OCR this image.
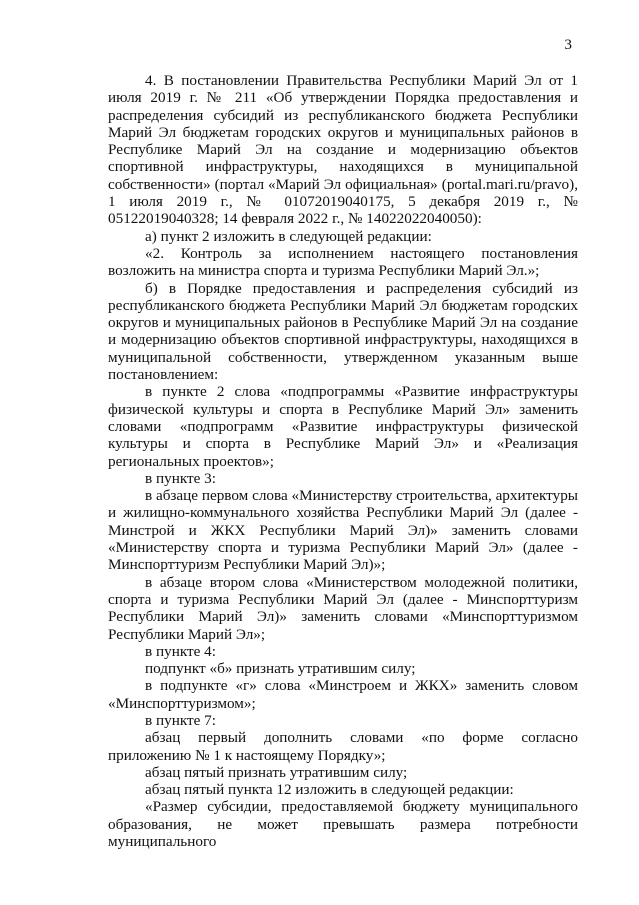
3

4. В постановлении Правительства Республики Марий Эл от 1 июля 2019 г. № 211 «Об утверждении Порядка предоставления и распределения субсидий из республиканского бюджета Республики Марий Эл бюджетам городских округов и муниципальных районов в Республике Марий Эл на создание и модернизацию объектов спортивной инфраструктуры, находящихся в муниципальной собственности» (портал «Марий Эл официальная» (portal.mari.ru/pravo), 1 июля 2019 г., № 01072019040175, 5 декабря 2019 г., № 05122019040328; 14 февраля 2022 г., № 14022022040050):

а) пункт 2 изложить в следующей редакции:

«2. Контроль за исполнением настоящего постановления возложить на министра спорта и туризма Республики Марий Эл.»;

б) в Порядке предоставления и распределения субсидий из республиканского бюджета Республики Марий Эл бюджетам городских округов и муниципальных районов в Республике Марий Эл на создание и модернизацию объектов спортивной инфраструктуры, находящихся в муниципальной собственности, утвержденном указанным выше постановлением:

в пункте 2 слова «подпрограммы «Развитие инфраструктуры физической культуры и спорта в Республике Марий Эл» заменить словами «подпрограмм «Развитие инфраструктуры физической культуры и спорта в Республике Марий Эл» и «Реализация региональных проектов»;

в пункте 3:

в абзаце первом слова «Министерству строительства, архитектуры и жилищно-коммунального хозяйства Республики Марий Эл (далее - Минстрой и ЖКХ Республики Марий Эл)» заменить словами «Министерству спорта и туризма Республики Марий Эл» (далее - Минспорттуризм Республики Марий Эл)»;

в абзаце втором слова «Министерством молодежной политики, спорта и туризма Республики Марий Эл (далее - Минспорттуризм Республики Марий Эл)» заменить словами «Минспорттуризмом Республики Марий Эл»;

в пункте 4:

подпункт «б» признать утратившим силу;

в подпункте «г» слова «Минстроем и ЖКХ» заменить словом «Минспорттуризмом»;

в пункте 7:

абзац первый дополнить словами «по форме согласно приложению № 1 к настоящему Порядку»;

абзац пятый признать утратившим силу;

абзац пятый пункта 12 изложить в следующей редакции:

«Размер субсидии, предоставляемой бюджету муниципального образования, не может превышать размера потребности муниципального
